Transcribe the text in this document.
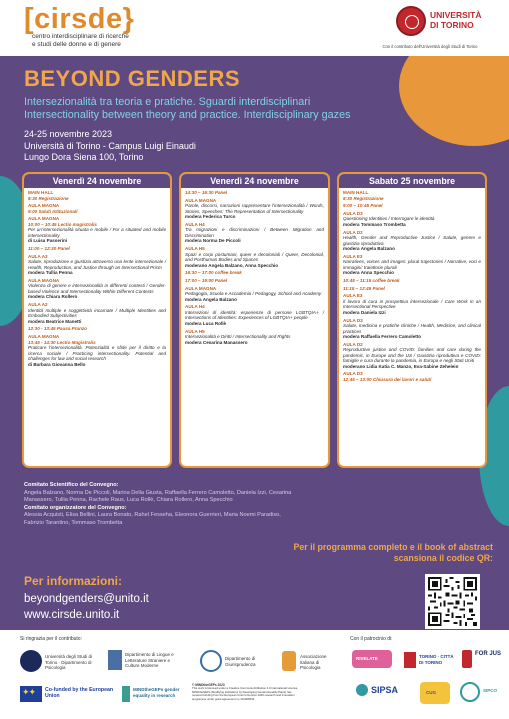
[cirsde}
centro interdisciplinare di ricerche
e studi delle donne e di genere
UNIVERSITÀ
DI TORINO
Con il contributo dell'Università degli Studi di Torino
BEYOND GENDERS
Intersezionalità tra teoria e pratiche. Sguardi interdisciplinari
Intersectionality between theory and practice. Interdisciplinary gazes
24-25 novembre 2023
Università di Torino - Campus Luigi Einaudi
Lungo Dora Siena 100, Torino
Venerdì 24 novembre
MAIN HALL
8:30 Registrazione
AULA MAGNA
9:00 Saluti Istituzionali
AULA MAGNA
10:00 – 10:45 Lectio magistralis
Per un'intersezionalità situata e mobile / For a situated and mobile intersectionality
di Luisa Passerini
11:00 – 12:30 Panel
AULA A3
Salute, riproduzione e giustizia attraverso una lente intersezionale / Health, Reproduction, and Justice through an Intersectional Prism
modera Tullia Penna
AULA MAGNA
Violenza di genere e intersezionalità in differenti contesti / Gender-based Violence and Intersectionality Within Different Contexts
modera Chiara Rollero
AULA A2
Identità multiple e soggettività incarnate / Multiple Identities and Embodied Subjectivities
modera Beatrice Manetti
12:30 - 13:45 Pausa Pranzo
AULA MAGNA
13:45 - 14:30 Lectio Magistralis
Praticare l'intersezionalità. Potenzialità e sfide per il diritto e la ricerca sociale / Practicing intersectionality. Potential and challenges for law and social research
di Barbara Giovanna Bello
Venerdì 24 novembre
14:30 – 16:30 Panel
AULA MAGNA
Parole, discorsi, narrazioni rappresentare l'intersezionalità / Words, Stories, Speeches: The Representation of Intersectionality
modera Federica Turco
AULA H4
Tra migrazioni e discriminazioni / Between Migration and Discrimination
modera Norma De Piccoli
AULA H5
Spazi e corpi postumani, queer e decoloniali / Queer, Decolonial, and Posthuman Bodies and Spaces
moderano Angela Balzano, Anna Specchio
16:30 – 17:00 coffee break
17:00 – 19:00 Panel
AULA MAGNA
Pedagogia, Scuola e Accademia / Pedagogy, School and Academy
modera Angela Balzano
AULA H4
Intersezioni di identità: esperienze di persone LGBTQIA+ / Intersections of Identities: Experiences of LGBTQIA+ people
modera Luca Rollè
AULA H5
Intersezionalità e Diritti / Intersectionality and Rights
modera Cesarina Manassero
Sabato 25 novembre
MAIN HALL
8:30 Registrazione
9:00 – 10:45 Panel
AULA D3
Questioning Identities / Interrogare le identità
modera Tommaso Trombetta
AULA D2
Health, Gender and Reproductive Justice / Salute, genere e giustizia riproduttiva
modera Angela Balzano
AULA E3
Narratives, voices and images: plural trajectories / Narrative, voci e immagini: traiettorie plurali
modera Anna Specchio
10:45 – 11:15 coffee break
11:15 – 12:45 Panel
AULA E3
Il lavoro di cura in prospettiva intersezionale / Care Work in an Intersectional Perspective
modera Daniela Izzi
AULA D3
Salute, medicina e pratiche cliniche / Health, Medicine, and clinical practices
modera Raffaella Ferrero Camoletto
AULA D2
Reproductive justice and COVID: families and care during the pandemic, in Europe and the US / Giustizia riproduttiva e COVID: famiglie e cura durante la pandemia, in Europa e negli Stati Uniti
moderano Lidia Katia C. Manzo, Eva-Sabine Zehelein
AULA D3
12:45 – 13:00 Chiusura dei lavori e saluti
Comitato Scientifico del Convegno:
Angela Balzano, Norma De Piccoli, Marina Della Giusta, Raffaella Ferrero Camoletto, Daniela Izzi, Cesarina Manassero, Tullia Penna, Rachele Raus, Luca Rollè, Chiara Rollero, Anna Specchio
Comitato organizzatore del Convegno:
Alessia Acquisti, Elisa Bellini, Laura Bonato, Rahel Fesseha, Eleonora Guerrieri, Maria Noemi Paradiso, Fabrizio Tarantino, Tommaso Trombetta
Per informazioni:
beyondgenders@unito.it
www.cirsde.unito.it
Per il programma completo e il book of abstract scansiona il codice QR:
Si ringrazia per il contributo:	Con il patrocinio di:
Università degli Studi di Torino · Dipartimento di Psicologia
Dipartimento di Lingue e Letterature Straniere e Culture Moderne
Dipartimento di Giurisprudenza
Associazione Italiana di Psicologia
✦✦ Co-funded by the European Union
MINDtheGEPs gender equality in research
© MINDtheGEPs 2023
This work is licensed under a Creative Commons Attribution 4.0 International License. MINDtheGEPs (Modifying Institutions by Developing Gender Equality Plans) has received funding from the European Union's Horizon 2020 research and innovation programme under grant agreement no 101006533.
RIVELATE	TORINO · CITTÀ DI TORINO
FOR JUS
SIPSA	CUG	SIPCO
